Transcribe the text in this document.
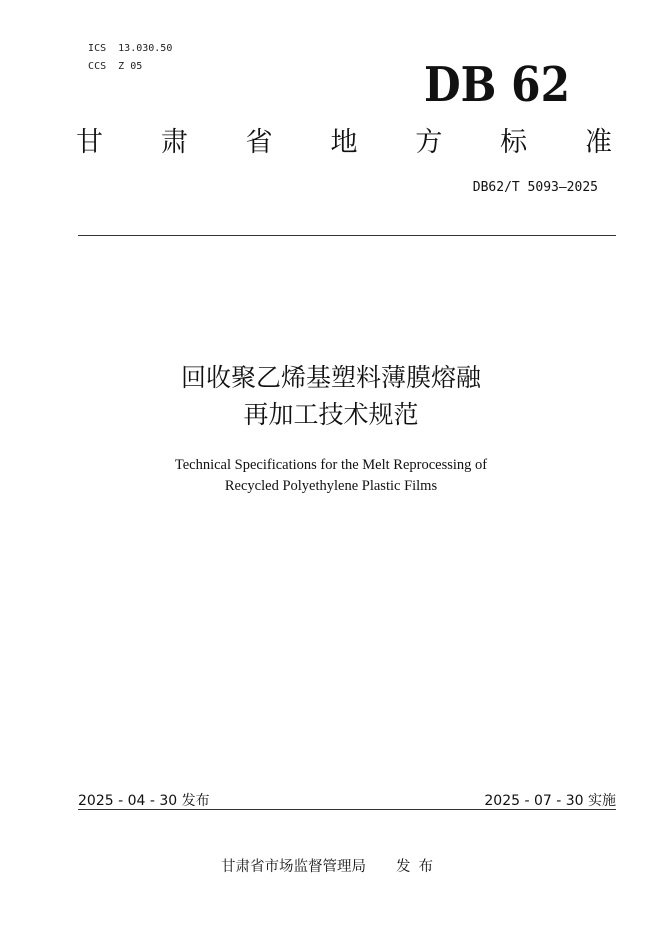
ICS 13.030.50

CCS Z 05	DB 62
甘 肃 省 地 方 标 准
DB62/T 5093—2025
回收聚乙烯基塑料薄膜熔融
再加工技术规范
Technical Specifications for the Melt Reprocessing of
Recycled Polyethylene Plastic Films
2025 - 04 - 30 发布	2025 - 07 - 30 实施
甘肃省市场监督管理局 发布
